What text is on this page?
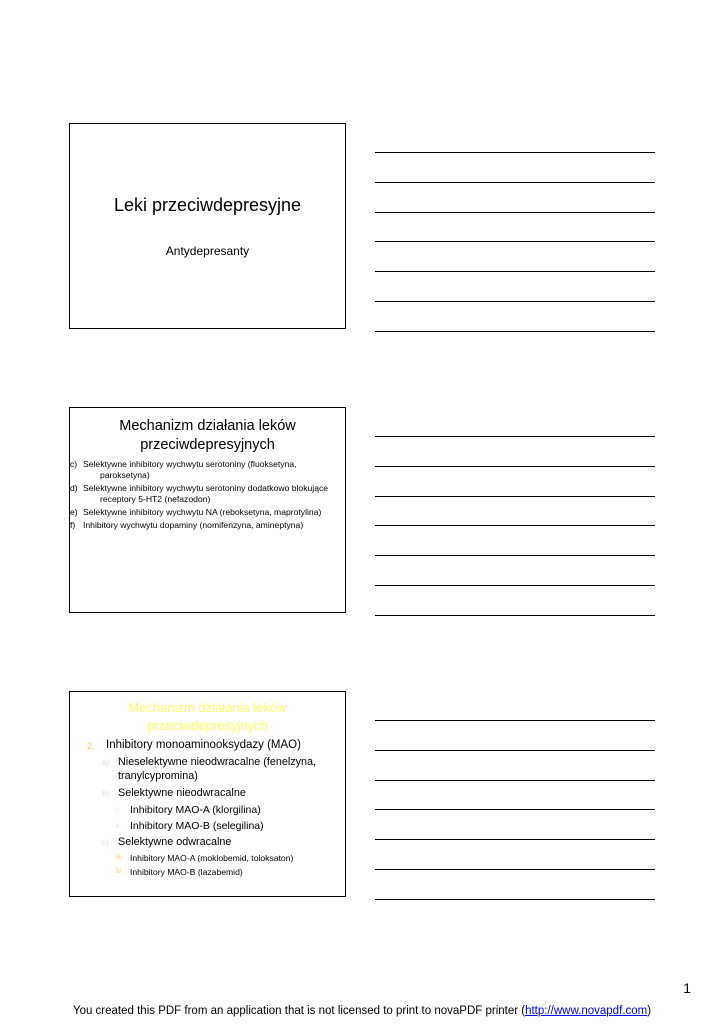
Leki przeciwdepresyjne
Antydepresanty
Mechanizm działania leków przeciwdepresyjnych
c) Selektywne inhibitory wychwytu serotoniny (fluoksetyna, paroksetyna)
d) Selektywne inhibitory wychwytu serotoniny dodatkowo blokujące receptory 5-HT2 (nefazodon)
e) Selektywne inhibitory wychwytu NA (reboksetyna, maprotylina)
f) Inhibitory wychwytu dopaminy (nomifenzyna, amineptyna)
Mechanizm działania leków przeciwdepresyjnych
2. Inhibitory monoaminooksydazy (MAO)
a) Nieselektywne nieodwracalne (fenelzyna, tranylcypromina)
b) Selektywne nieodwracalne
i. Inhibitory MAO-A (klorgilina)
ii. Inhibitory MAO-B (selegilina)
c) Selektywne odwracalne
iii. Inhibitory MAO-A (moklobemid, toloksaton)
iv. Inhibitory MAO-B (lazabemid)
1
You created this PDF from an application that is not licensed to print to novaPDF printer (http://www.novapdf.com)
